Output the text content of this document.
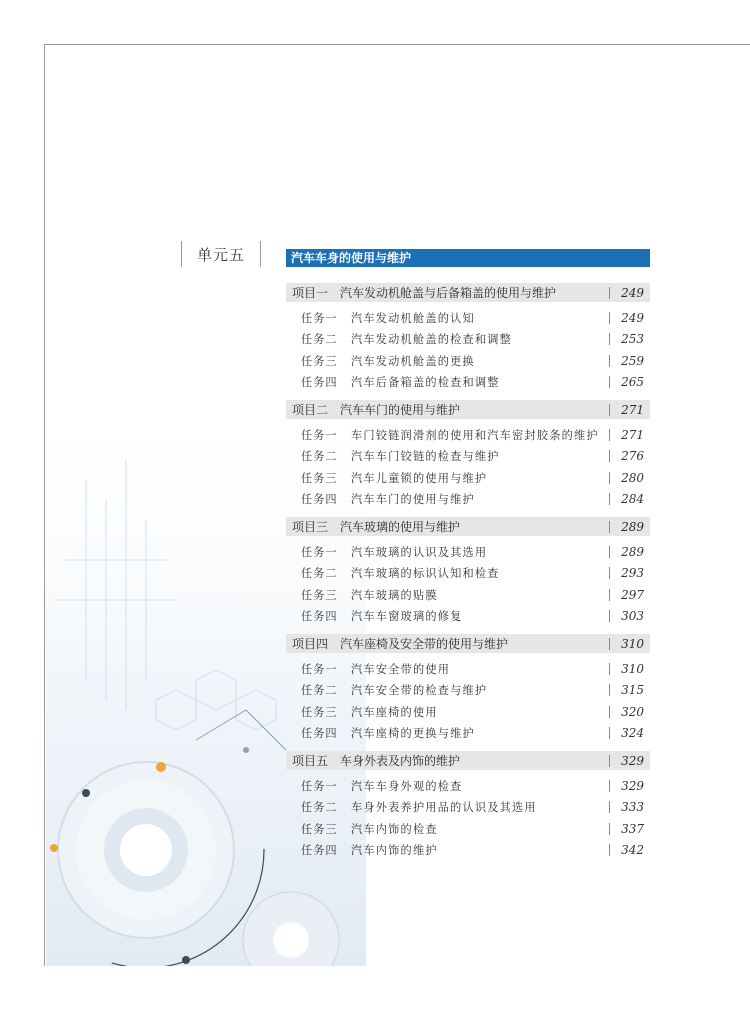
单元五	汽车车身的使用与维护
项目一 汽车发动机舱盖与后备箱盖的使用与维护	249
任务一	汽车发动机舱盖的认知	249
任务二	汽车发动机舱盖的检查和调整	253
任务三	汽车发动机舱盖的更换	259
任务四	汽车后备箱盖的检查和调整	265
项目二 汽车车门的使用与维护	271
任务一	车门铰链润滑剂的使用和汽车密封胶条的维护	271
任务二	汽车车门铰链的检查与维护	276
任务三	汽车儿童锁的使用与维护	280
任务四	汽车车门的使用与维护	284
项目三 汽车玻璃的使用与维护	289
任务一	汽车玻璃的认识及其选用	289
任务二	汽车玻璃的标识认知和检查	293
任务三	汽车玻璃的贴膜	297
任务四	汽车车窗玻璃的修复	303
项目四 汽车座椅及安全带的使用与维护	310
任务一	汽车安全带的使用	310
任务二	汽车安全带的检查与维护	315
任务三	汽车座椅的使用	320
任务四	汽车座椅的更换与维护	324
项目五 车身外表及内饰的维护	329
任务一	汽车车身外观的检查	329
任务二	车身外表养护用品的认识及其选用	333
任务三	汽车内饰的检查	337
任务四	汽车内饰的维护	342
